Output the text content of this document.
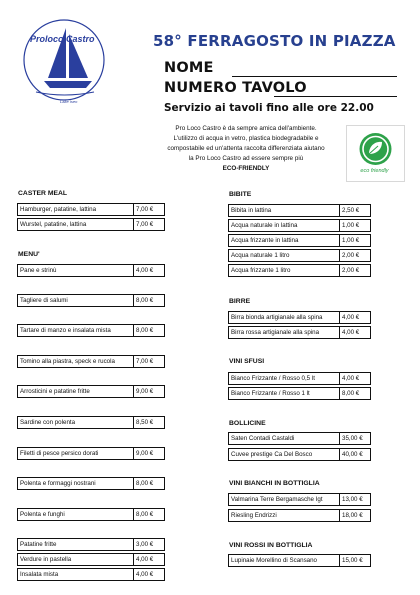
Proloco Castro
Lake Iseo
58° FERRAGOSTO IN PIAZZA
NOME
NUMERO TAVOLO
Servizio ai tavoli fino alle ore 22.00
Pro Loco Castro è da sempre amica dell'ambiente.
L'utilizzo di acqua in vetro, plastica biodegradabile e
compostabile ed un'attenta raccolta differenziata aiutano
la Pro Loco Castro ad essere sempre più
ECO-FRIENDLY	eco friendly
CASTER MEAL
Hamburger, patatine, lattina	7,00 €
Wurstel, patatine, lattina	7,00 €
MENU'
Pane e strinù	4,00 €
Tagliere di salumi	8,00 €
Tartare di manzo e insalata mista	8,00 €
Tomino alla piastra, speck e rucola	7,00 €
Arrosticini e patatine fritte	9,00 €
Sardine con polenta	8,50 €
Filetti di pesce persico dorati	9,00 €
Polenta e formaggi nostrani	8,00 €
Polenta e funghi	8,00 €
Patatine fritte	3,00 €
Verdure in pastella	4,00 €
Insalata mista	4,00 €
BIBITE
Bibita in lattina	2,50 €
Acqua naturale in lattina	1,00 €
Acqua frizzante in lattina	1,00 €
Acqua naturale 1 litro	2,00 €
Acqua frizzante 1 litro	2,00 €
BIRRE
Birra bionda artigianale alla spina	4,00 €
Birra rossa artigianale alla spina	4,00 €
VINI SFUSI
Bianco Frizzante / Rosso 0,5 lt	4,00 €
Bianco Frizzante / Rosso 1 lt	8,00 €
BOLLICINE
Saten Contadi Castaldi	35,00 €
Cuvee prestige Ca Del Bosco	40,00 €
VINI BIANCHI IN BOTTIGLIA
Valmarina Terre Bergamasche Igt	13,00 €
Riesling Endrizzi	18,00 €
VINI ROSSI IN BOTTIGLIA
Lupinaie Morellino di Scansano	15,00 €
